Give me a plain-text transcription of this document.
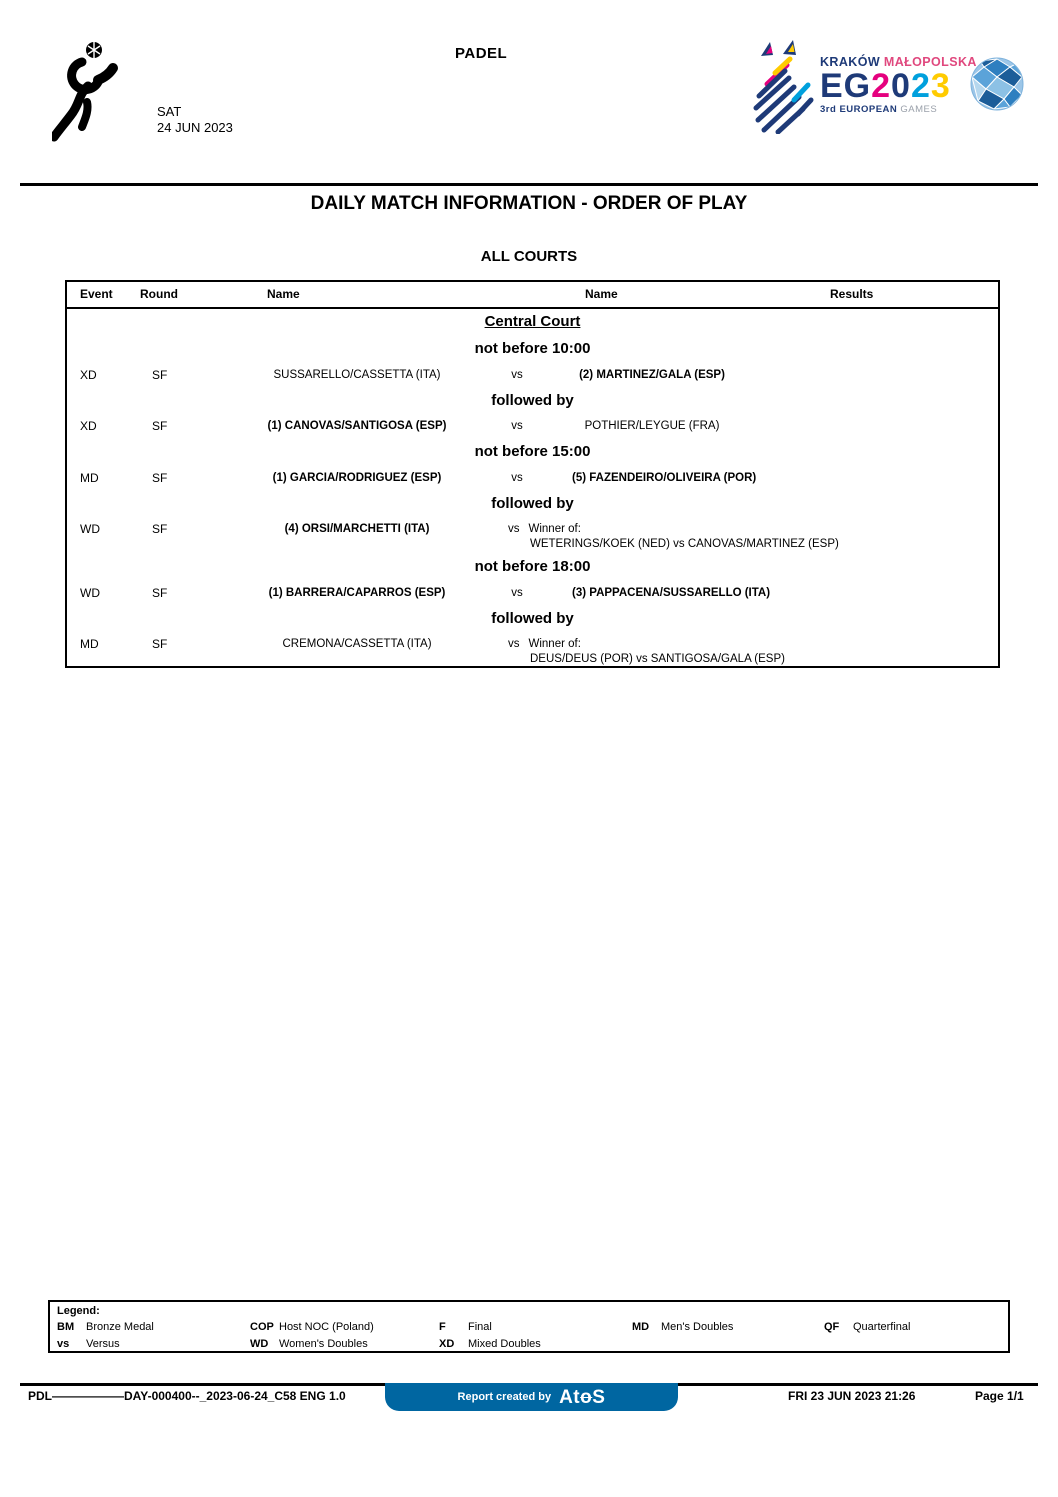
SAT
24 JUN 2023
PADEL	KRAKÓW MAŁOPOLSKA
EG2023
3rd EUROPEAN GAMES
DAILY MATCH INFORMATION - ORDER OF PLAY
ALL COURTS
Event Round	Name	Name	Results
Central Court
not before 10:00
XD	SF	SUSSARELLO/CASSETTA (ITA)	vs	(2) MARTINEZ/GALA (ESP)
followed by
XD	SF	(1) CANOVAS/SANTIGOSA (ESP)	vs	POTHIER/LEYGUE (FRA)
not before 15:00
MD	SF	(1) GARCIA/RODRIGUEZ (ESP)	vs	(5) FAZENDEIRO/OLIVEIRA (POR)
followed by
WD	SF	(4) ORSI/MARCHETTI (ITA)	vs Winner of:
WETERINGS/KOEK (NED) vs CANOVAS/MARTINEZ (ESP)
not before 18:00
WD	SF	(1) BARRERA/CAPARROS (ESP)	vs	(3) PAPPACENA/SUSSARELLO (ITA)
followed by
MD	SF	CREMONA/CASSETTA (ITA)	vs Winner of:
DEUS/DEUS (POR) vs SANTIGOSA/GALA (ESP)
Legend:
BM Bronze Medal	COP Host NOC (Poland)	F Final	MD Men's Doubles	QF Quarterfinal
vs Versus	WD Women's Doubles	XD Mixed Doubles
PDL——————DAY-000400--_2023-06-24_C58 ENG 1.0	Report created by AtoS	FRI 23 JUN 2023 21:26	Page 1/1
